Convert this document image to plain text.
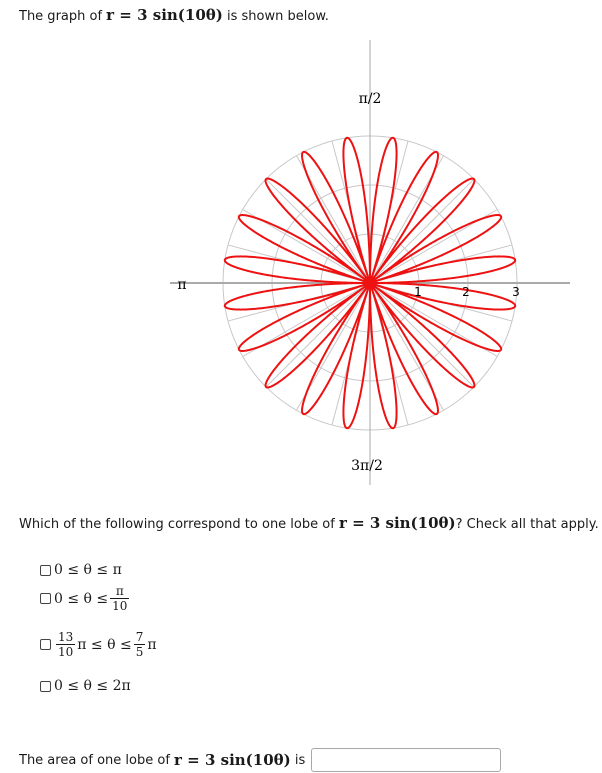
The graph of r = 3 sin(10θ) is shown below.
π/2
π
3π/2
1	2	3
Which of the following correspond to one lobe of r = 3 sin(10θ)? Check all that apply.
0 ≤ θ ≤ π
$0 \le \theta \le \frac{\pi}{10}$
$\frac{13}{10}$ $\pi \le \theta \le \frac{7}{5}$ π
0 ≤ θ ≤ 2π
The area of one lobe of
r = 3 sin(10θ)
is
